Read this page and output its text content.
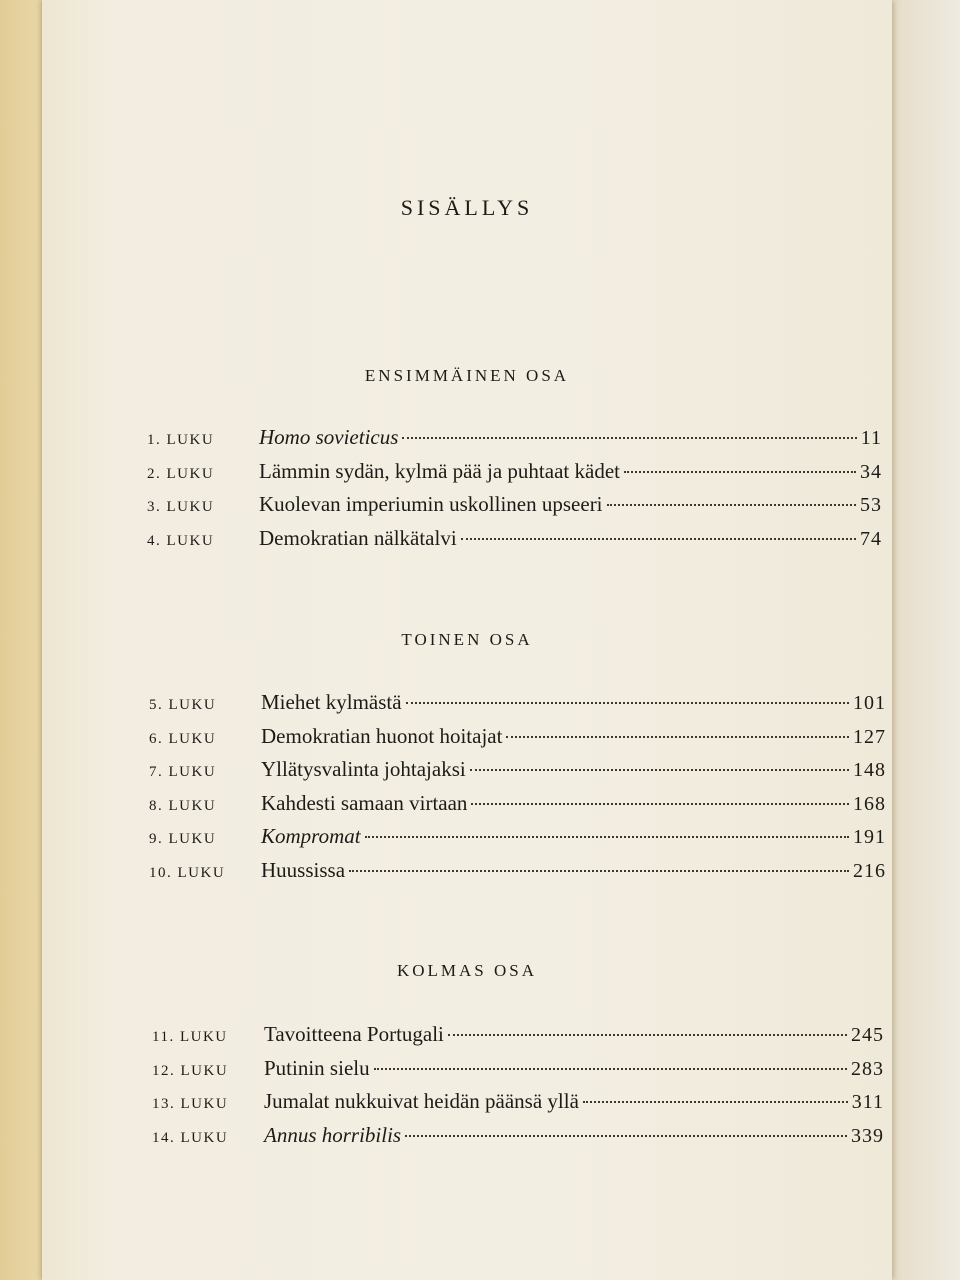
SISÄLLYS
ENSIMMÄINEN OSA
1. LUKU	Homo sovieticus	11
2. LUKU	Lämmin sydän, kylmä pää ja puhtaat kädet	34
3. LUKU	Kuolevan imperiumin uskollinen upseeri	53
4. LUKU	Demokratian nälkätalvi	74
TOINEN OSA
5. LUKU	Miehet kylmästä	101
6. LUKU	Demokratian huonot hoitajat	127
7. LUKU	Yllätysvalinta johtajaksi	148
8. LUKU	Kahdesti samaan virtaan	168
9. LUKU	Kompromat	191
10. LUKU	Huussissa	216
KOLMAS OSA
11. LUKU	Tavoitteena Portugali	245
12. LUKU	Putinin sielu	283
13. LUKU	Jumalat nukkuivat heidän päänsä yllä	311
14. LUKU	Annus horribilis	339
